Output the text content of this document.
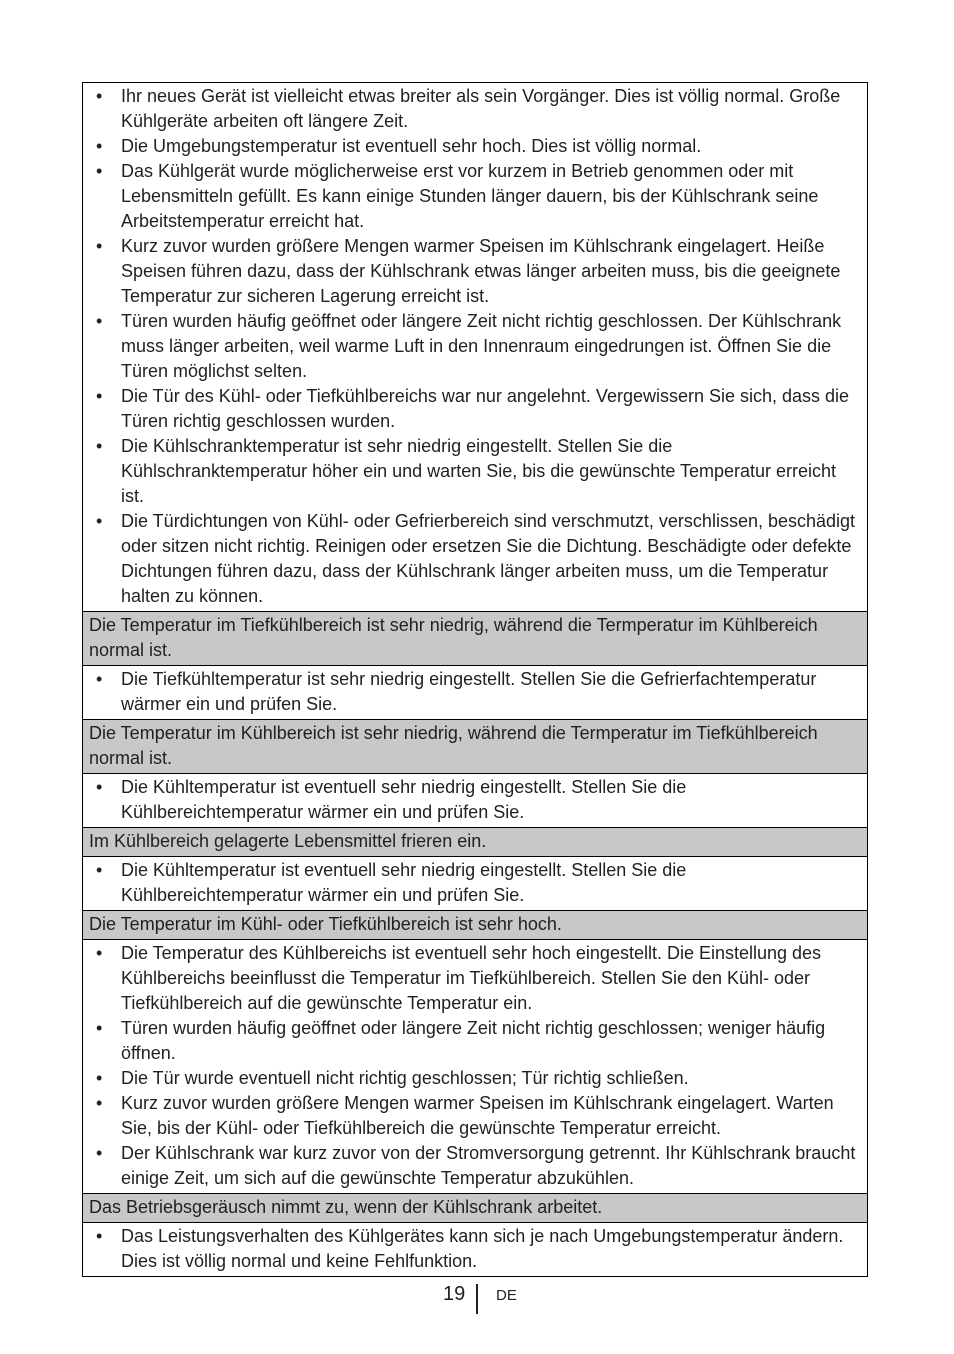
•	Ihr neues Gerät ist vielleicht etwas breiter als sein Vorgänger. Dies ist völlig normal. Große Kühlgeräte arbeiten oft längere Zeit.
•	Die Umgebungstemperatur ist eventuell sehr hoch. Dies ist völlig normal.
•	Das Kühlgerät wurde möglicherweise erst vor kurzem in Betrieb genommen oder mit Lebensmitteln gefüllt. Es kann einige Stunden länger dauern, bis der Kühlschrank seine Arbeitstemperatur erreicht hat.
•	Kurz zuvor wurden größere Mengen warmer Speisen im Kühlschrank eingelagert. Heiße Speisen führen dazu, dass der Kühlschrank etwas länger arbeiten muss, bis die geeignete Temperatur zur sicheren Lagerung erreicht ist.
•	Türen wurden häufig geöffnet oder längere Zeit nicht richtig geschlossen. Der Kühlschrank muss länger arbeiten, weil warme Luft in den Innenraum eingedrungen ist. Öffnen Sie die Türen möglichst selten.
•	Die Tür des Kühl- oder Tiefkühlbereichs war nur angelehnt. Vergewissern Sie sich, dass die Türen richtig geschlossen wurden.
•	Die Kühlschranktemperatur ist sehr niedrig eingestellt. Stellen Sie die Kühlschranktemperatur höher ein und warten Sie, bis die gewünschte Temperatur erreicht ist.
•	Die Türdichtungen von Kühl- oder Gefrierbereich sind verschmutzt, verschlissen, beschädigt oder sitzen nicht richtig. Reinigen oder ersetzen Sie die Dichtung. Beschädigte oder defekte Dichtungen führen dazu, dass der Kühlschrank länger arbeiten muss, um die Temperatur halten zu können.
Die Temperatur im Tiefkühlbereich ist sehr niedrig, während die Termperatur im Kühlbereich normal ist.
•	Die Tiefkühltemperatur ist sehr niedrig eingestellt. Stellen Sie die Gefrierfachtemperatur wärmer ein und prüfen Sie.
Die Temperatur im Kühlbereich ist sehr niedrig, während die Termperatur im Tiefkühlbereich normal ist.
•	Die Kühltemperatur ist eventuell sehr niedrig eingestellt. Stellen Sie die Kühlbereichtemperatur wärmer ein und prüfen Sie.
Im Kühlbereich gelagerte Lebensmittel frieren ein.
•	Die Kühltemperatur ist eventuell sehr niedrig eingestellt. Stellen Sie die Kühlbereichtemperatur wärmer ein und prüfen Sie.
Die Temperatur im Kühl- oder Tiefkühlbereich ist sehr hoch.
•	Die Temperatur des Kühlbereichs ist eventuell sehr hoch eingestellt. Die Einstellung des Kühlbereichs beeinflusst die Temperatur im Tiefkühlbereich. Stellen Sie den Kühl- oder Tiefkühlbereich auf die gewünschte Temperatur ein.
•	Türen wurden häufig geöffnet oder längere Zeit nicht richtig geschlossen; weniger häufig öffnen.
•	Die Tür wurde eventuell nicht richtig geschlossen; Tür richtig schließen.
•	Kurz zuvor wurden größere Mengen warmer Speisen im Kühlschrank eingelagert. Warten Sie, bis der Kühl- oder Tiefkühlbereich die gewünschte Temperatur erreicht.
•	Der Kühlschrank war kurz zuvor von der Stromversorgung getrennt. Ihr Kühlschrank braucht einige Zeit, um sich auf die gewünschte Temperatur abzukühlen.
Das Betriebsgeräusch nimmt zu, wenn der Kühlschrank arbeitet.
•	Das Leistungsverhalten des Kühlgerätes kann sich je nach Umgebungstemperatur ändern. Dies ist völlig normal und keine Fehlfunktion.
19 DE
